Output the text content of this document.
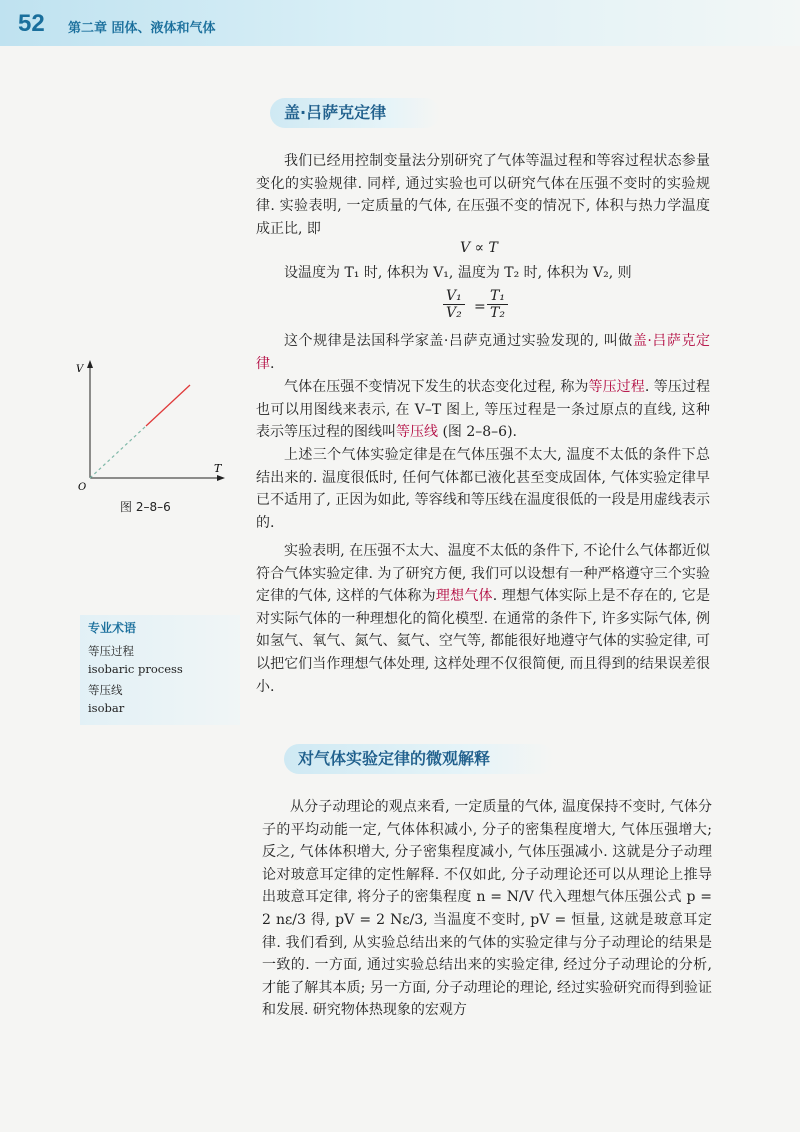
52 第二章 固体、液体和气体
盖·吕萨克定律

我们已经用控制变量法分别研究了气体等温过程和等容过程状态参量变化的实验规律. 同样, 通过实验也可以研究气体在压强不变时的实验规律. 实验表明, 一定质量的气体, 在压强不变的情况下, 体积与热力学温度成正比, 即

V ∝ T

设温度为 T₁ 时, 体积为 V₁, 温度为 T₂ 时, 体积为 V₂, 则

$\frac{\text{V₁}}{\text{V₂}} = \frac{\text{T₁}}{\text{T₂}}$

这个规律是法国科学家盖·吕萨克通过实验发现的, 叫做盖·吕萨克定律.

气体在压强不变情况下发生的状态变化过程, 称为等压过程. 等压过程也可以用图线来表示, 在 V–T 图上, 等压过程是一条过原点的直线, 这种表示等压过程的图线叫等压线 (图 2–8–6).

上述三个气体实验定律是在气体压强不太大, 温度不太低的条件下总结出来的. 温度很低时, 任何气体都已液化甚至变成固体, 气体实验定律早已不适用了, 正因为如此, 等容线和等压线在温度很低的一段是用虚线表示的.

实验表明, 在压强不太大、温度不太低的条件下, 不论什么气体都近似符合气体实验定律. 为了研究方便, 我们可以设想有一种严格遵守三个实验定律的气体, 这样的气体称为理想气体. 理想气体实际上是不存在的, 它是对实际气体的一种理想化的简化模型. 在通常的条件下, 许多实际气体, 例如氢气、氧气、氮气、氦气、空气等, 都能很好地遵守气体的实验定律, 可以把它们当作理想气体处理, 这样处理不仅很简便, 而且得到的结果误差很小.

V
T
O
图 2–8–6
专业术语
等压过程
isobaric process
等压线
isobar
对气体实验定律的微观解释

从分子动理论的观点来看, 一定质量的气体, 温度保持不变时, 气体分子的平均动能一定, 气体体积减小, 分子的密集程度增大, 气体压强增大; 反之, 气体体积增大, 分子密集程度减小, 气体压强减小. 这就是分子动理论对玻意耳定律的定性解释. 不仅如此, 分子动理论还可以从理论上推导出玻意耳定律, 将分子的密集程度 n = N/V 代入理想气体压强公式 p = 2 nε/3 得, pV = 2 Nε/3, 当温度不变时, pV = 恒量, 这就是玻意耳定律. 我们看到, 从实验总结出来的气体的实验定律与分子动理论的结果是一致的. 一方面, 通过实验总结出来的实验定律, 经过分子动理论的分析, 才能了解其本质; 另一方面, 分子动理论的理论, 经过实验研究而得到验证和发展. 研究物体热现象的宏观方
